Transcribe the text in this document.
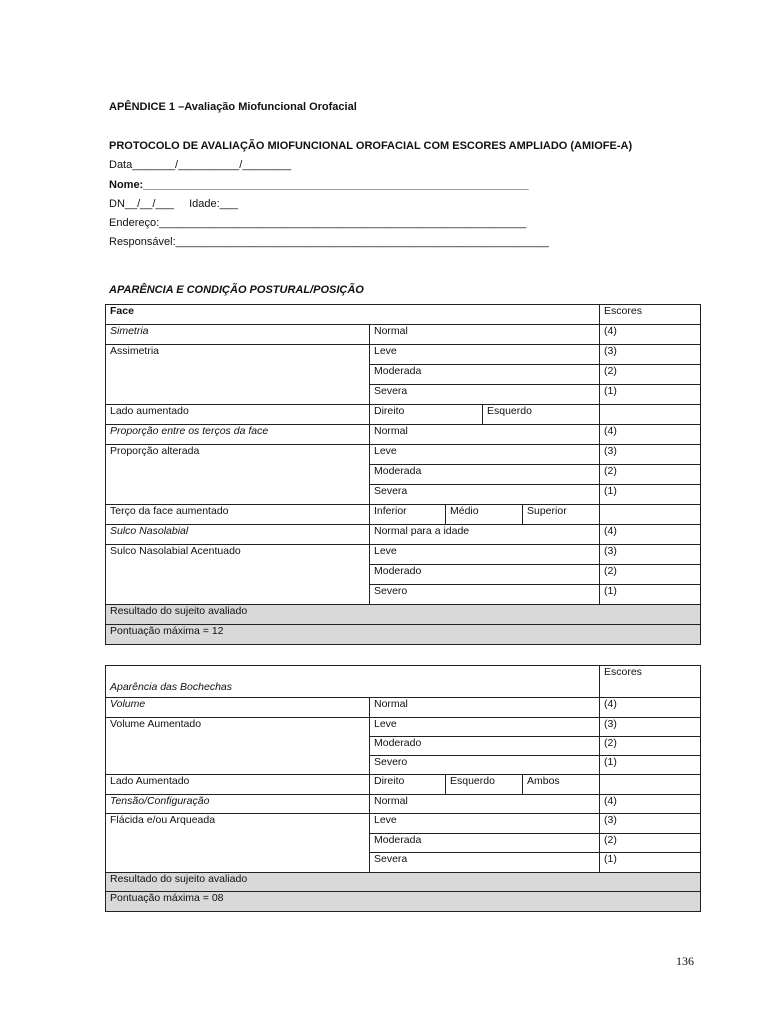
APÊNDICE 1 –Avaliação Miofuncional Orofacial
PROTOCOLO DE AVALIAÇÃO MIOFUNCIONAL OROFACIAL COM ESCORES AMPLIADO (AMIOFE-A)
Data_______/__________/________
Nome:_______________________________________________________________
DN__/__/___     Idade:___
Endereço:____________________________________________________________
Responsável:_____________________________________________________________
APARÊNCIA E CONDIÇÃO POSTURAL/POSIÇÃO
Face					Escores
Simetria	Normal				(4)
Assimetria	Leve				(3)
	Moderada				(2)
	Severa				(1)
Lado aumentado	Direito		Esquerdo		
Proporção entre os terços da face	Normal				(4)
Proporção alterada	Leve				(3)
	Moderada				(2)
	Severa				(1)
Terço da face aumentado	Inferior	Médio		Superior	
Sulco Nasolabial	Normal para a idade				(4)
Sulco Nasolabial Acentuado	Leve				(3)
	Moderado				(2)
	Severo				(1)
Resultado do sujeito avaliado					
Pontuação máxima = 12					
Aparência das Bochechas				Escores
Volume	Normal			(4)
Volume Aumentado	Leve			(3)
	Moderado			(2)
	Severo			(1)
Lado Aumentado	Direito	Esquerdo	Ambos	
Tensão/Configuração	Normal			(4)
Flácida e/ou Arqueada	Leve			(3)
	Moderada			(2)
	Severa			(1)
Resultado do sujeito avaliado				
Pontuação máxima = 08				
136
